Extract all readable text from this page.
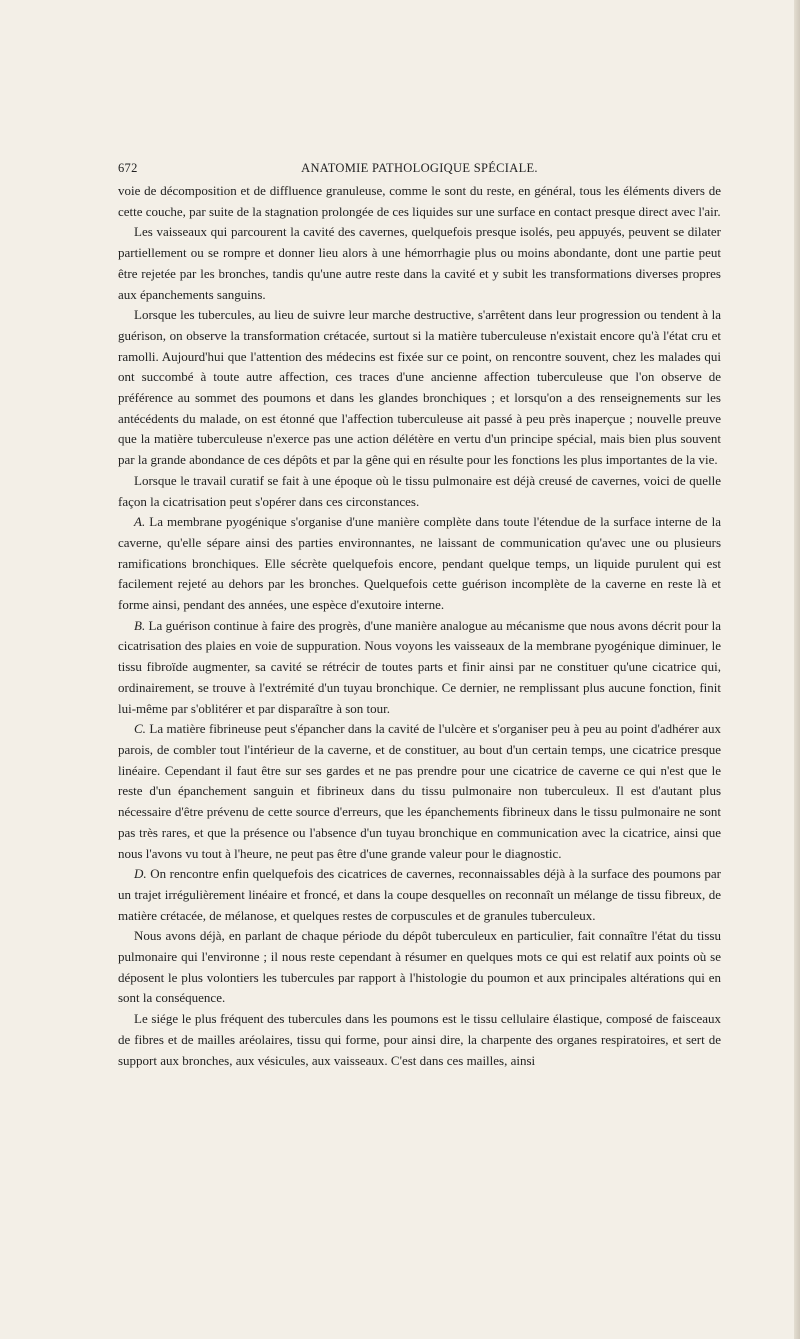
672	ANATOMIE PATHOLOGIQUE SPÉCIALE.

voie de décomposition et de diffluence granuleuse, comme le sont du reste, en général, tous les éléments divers de cette couche, par suite de la stagnation prolongée de ces liquides sur une surface en contact presque direct avec l'air.

Les vaisseaux qui parcourent la cavité des cavernes, quelquefois presque isolés, peu appuyés, peuvent se dilater partiellement ou se rompre et donner lieu alors à une hémorrhagie plus ou moins abondante, dont une partie peut être rejetée par les bronches, tandis qu'une autre reste dans la cavité et y subit les transformations diverses propres aux épanchements sanguins.

Lorsque les tubercules, au lieu de suivre leur marche destructive, s'arrêtent dans leur progression ou tendent à la guérison, on observe la transformation crétacée, surtout si la matière tuberculeuse n'existait encore qu'à l'état cru et ramolli. Aujourd'hui que l'attention des médecins est fixée sur ce point, on rencontre souvent, chez les malades qui ont succombé à toute autre affection, ces traces d'une ancienne affection tuberculeuse que l'on observe de préférence au sommet des poumons et dans les glandes bronchiques ; et lorsqu'on a des renseignements sur les antécédents du malade, on est étonné que l'affection tuberculeuse ait passé à peu près inaperçue ; nouvelle preuve que la matière tuberculeuse n'exerce pas une action délétère en vertu d'un principe spécial, mais bien plus souvent par la grande abondance de ces dépôts et par la gêne qui en résulte pour les fonctions les plus importantes de la vie.

Lorsque le travail curatif se fait à une époque où le tissu pulmonaire est déjà creusé de cavernes, voici de quelle façon la cicatrisation peut s'opérer dans ces circonstances.

A. La membrane pyogénique s'organise d'une manière complète dans toute l'étendue de la surface interne de la caverne, qu'elle sépare ainsi des parties environnantes, ne laissant de communication qu'avec une ou plusieurs ramifications bronchiques. Elle sécrète quelquefois encore, pendant quelque temps, un liquide purulent qui est facilement rejeté au dehors par les bronches. Quelquefois cette guérison incomplète de la caverne en reste là et forme ainsi, pendant des années, une espèce d'exutoire interne.

B. La guérison continue à faire des progrès, d'une manière analogue au mécanisme que nous avons décrit pour la cicatrisation des plaies en voie de suppuration. Nous voyons les vaisseaux de la membrane pyogénique diminuer, le tissu fibroïde augmenter, sa cavité se rétrécir de toutes parts et finir ainsi par ne constituer qu'une cicatrice qui, ordinairement, se trouve à l'extrémité d'un tuyau bronchique. Ce dernier, ne remplissant plus aucune fonction, finit lui-même par s'oblitérer et par disparaître à son tour.

C. La matière fibrineuse peut s'épancher dans la cavité de l'ulcère et s'organiser peu à peu au point d'adhérer aux parois, de combler tout l'intérieur de la caverne, et de constituer, au bout d'un certain temps, une cicatrice presque linéaire. Cependant il faut être sur ses gardes et ne pas prendre pour une cicatrice de caverne ce qui n'est que le reste d'un épanchement sanguin et fibrineux dans du tissu pulmonaire non tuberculeux. Il est d'autant plus nécessaire d'être prévenu de cette source d'erreurs, que les épanchements fibrineux dans le tissu pulmonaire ne sont pas très rares, et que la présence ou l'absence d'un tuyau bronchique en communication avec la cicatrice, ainsi que nous l'avons vu tout à l'heure, ne peut pas être d'une grande valeur pour le diagnostic.

D. On rencontre enfin quelquefois des cicatrices de cavernes, reconnaissables déjà à la surface des poumons par un trajet irrégulièrement linéaire et froncé, et dans la coupe desquelles on reconnaît un mélange de tissu fibreux, de matière crétacée, de mélanose, et quelques restes de corpuscules et de granules tuberculeux.

Nous avons déjà, en parlant de chaque période du dépôt tuberculeux en particulier, fait connaître l'état du tissu pulmonaire qui l'environne ; il nous reste cependant à résumer en quelques mots ce qui est relatif aux points où se déposent le plus volontiers les tubercules par rapport à l'histologie du poumon et aux principales altérations qui en sont la conséquence.

Le siége le plus fréquent des tubercules dans les poumons est le tissu cellulaire élastique, composé de faisceaux de fibres et de mailles aréolaires, tissu qui forme, pour ainsi dire, la charpente des organes respiratoires, et sert de support aux bronches, aux vésicules, aux vaisseaux. C'est dans ces mailles, ainsi
